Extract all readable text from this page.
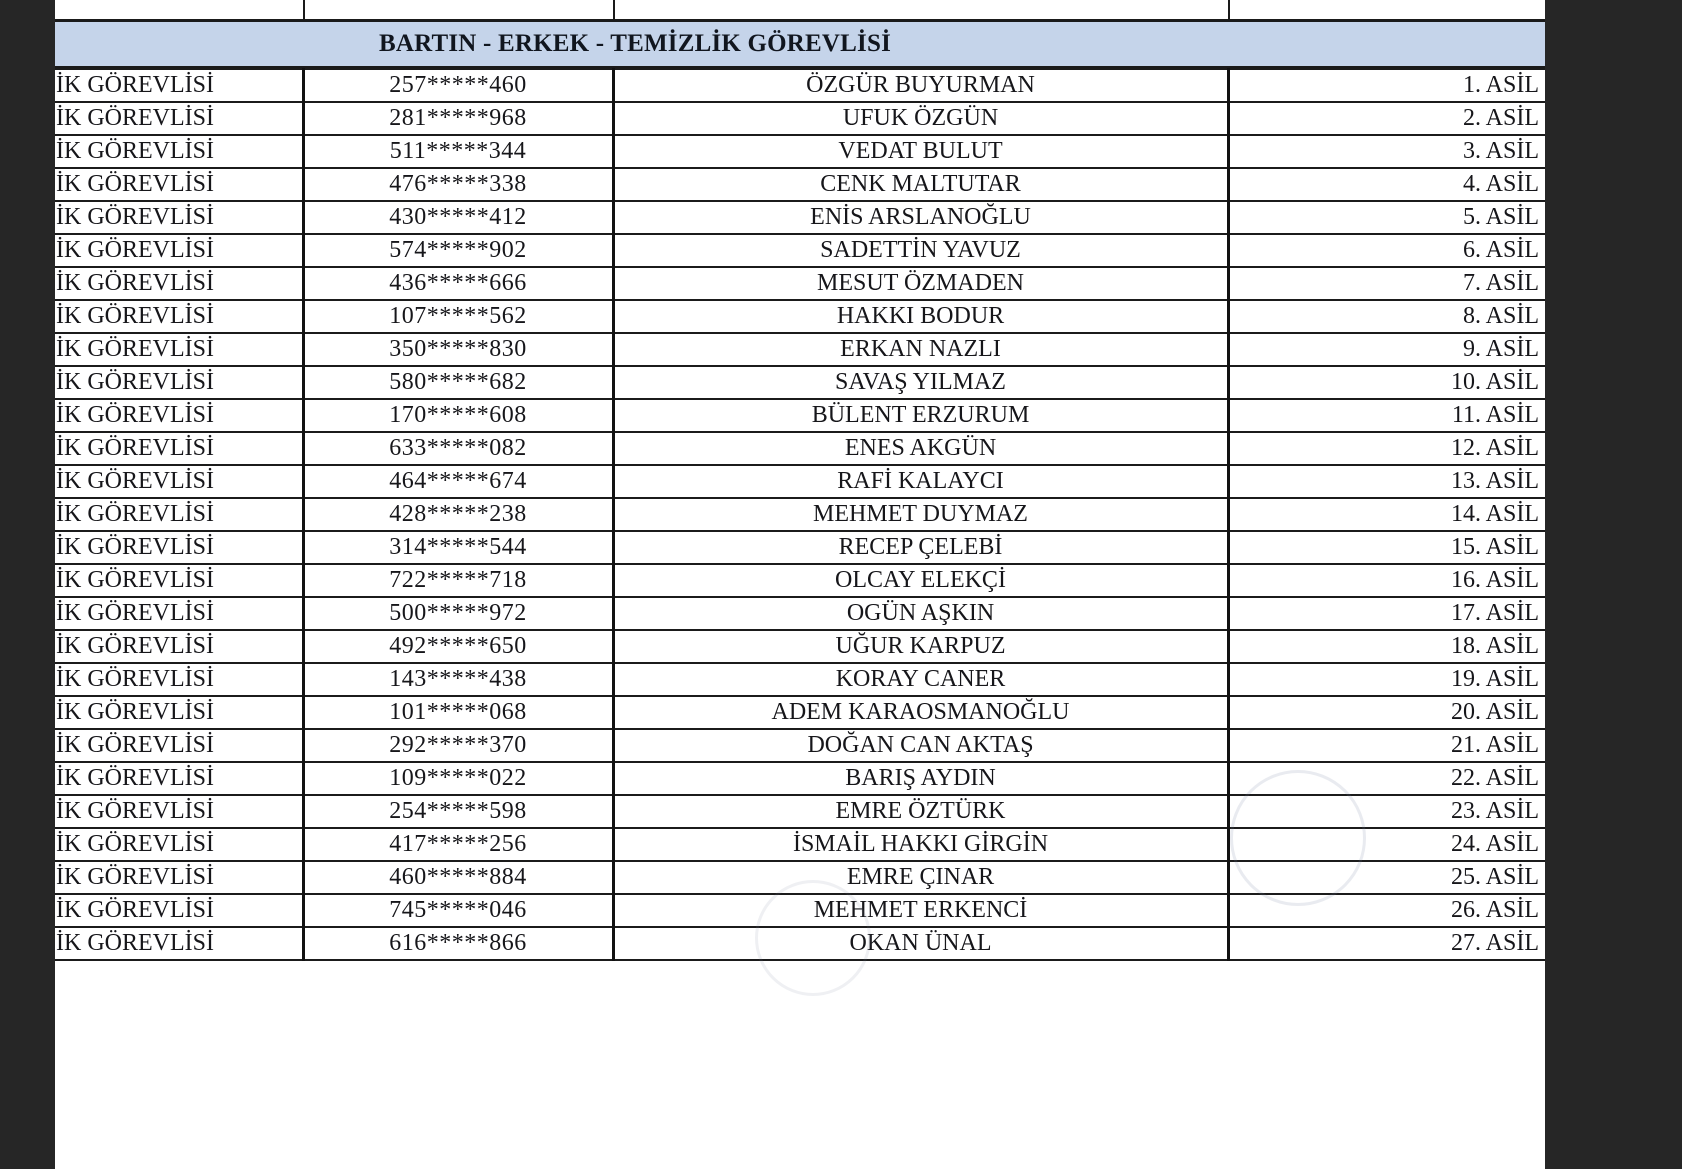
BARTIN - ERKEK - TEMİZLİK GÖREVLİSİ
İK GÖREVLİSİ	257*****460	ÖZGÜR BUYURMAN	1. ASİL
İK GÖREVLİSİ	281*****968	UFUK ÖZGÜN	2. ASİL
İK GÖREVLİSİ	511*****344	VEDAT BULUT	3. ASİL
İK GÖREVLİSİ	476*****338	CENK MALTUTAR	4. ASİL
İK GÖREVLİSİ	430*****412	ENİS ARSLANOĞLU	5. ASİL
İK GÖREVLİSİ	574*****902	SADETTİN YAVUZ	6. ASİL
İK GÖREVLİSİ	436*****666	MESUT ÖZMADEN	7. ASİL
İK GÖREVLİSİ	107*****562	HAKKI BODUR	8. ASİL
İK GÖREVLİSİ	350*****830	ERKAN NAZLI	9. ASİL
İK GÖREVLİSİ	580*****682	SAVAŞ YILMAZ	10. ASİL
İK GÖREVLİSİ	170*****608	BÜLENT ERZURUM	11. ASİL
İK GÖREVLİSİ	633*****082	ENES AKGÜN	12. ASİL
İK GÖREVLİSİ	464*****674	RAFİ KALAYCI	13. ASİL
İK GÖREVLİSİ	428*****238	MEHMET DUYMAZ	14. ASİL
İK GÖREVLİSİ	314*****544	RECEP ÇELEBİ	15. ASİL
İK GÖREVLİSİ	722*****718	OLCAY ELEKÇİ	16. ASİL
İK GÖREVLİSİ	500*****972	OGÜN AŞKIN	17. ASİL
İK GÖREVLİSİ	492*****650	UĞUR KARPUZ	18. ASİL
İK GÖREVLİSİ	143*****438	KORAY CANER	19. ASİL
İK GÖREVLİSİ	101*****068	ADEM KARAOSMANOĞLU	20. ASİL
İK GÖREVLİSİ	292*****370	DOĞAN CAN AKTAŞ	21. ASİL
İK GÖREVLİSİ	109*****022	BARIŞ AYDIN	22. ASİL
İK GÖREVLİSİ	254*****598	EMRE ÖZTÜRK	23. ASİL
İK GÖREVLİSİ	417*****256	İSMAİL HAKKI GİRGİN	24. ASİL
İK GÖREVLİSİ	460*****884	EMRE ÇINAR	25. ASİL
İK GÖREVLİSİ	745*****046	MEHMET ERKENCİ	26. ASİL
İK GÖREVLİSİ	616*****866	OKAN ÜNAL	27. ASİL
